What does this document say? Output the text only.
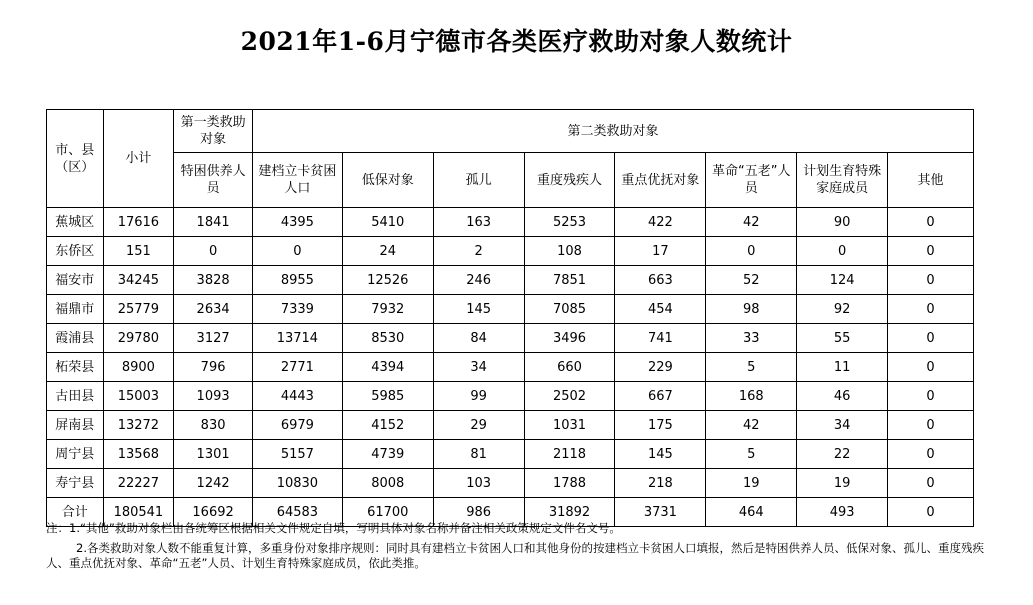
2021年1-6月宁德市各类医疗救助对象人数统计
市、县（区）	小计	第一类救助对象	第二类救助对象							
		特困供养人员	建档立卡贫困人口	低保对象	孤儿	重度残疾人	重点优抚对象	革命“五老”人员	计划生育特殊家庭成员	其他
蕉城区	17616	1841	4395	5410	163	5253	422	42	90	0
东侨区	151	0	0	24	2	108	17	0	0	0
福安市	34245	3828	8955	12526	246	7851	663	52	124	0
福鼎市	25779	2634	7339	7932	145	7085	454	98	92	0
霞浦县	29780	3127	13714	8530	84	3496	741	33	55	0
柘荣县	8900	796	2771	4394	34	660	229	5	11	0
古田县	15003	1093	4443	5985	99	2502	667	168	46	0
屏南县	13272	830	6979	4152	29	1031	175	42	34	0
周宁县	13568	1301	5157	4739	81	2118	145	5	22	0
寿宁县	22227	1242	10830	8008	103	1788	218	19	19	0
合计	180541	16692	64583	61700	986	31892	3731	464	493	0
注：1.“其他”救助对象栏由各统筹区根据相关文件规定自填，写明具体对象名称并备注相关政策规定文件名文号。
2.各类救助对象人数不能重复计算，多重身份对象排序规则：同时具有建档立卡贫困人口和其他身份的按建档立卡贫困人口填报，然后是特困供养人员、低保对象、孤儿、重度残疾人、重点优抚对象、革命“五老”人员、计划生育特殊家庭成员，依此类推。
